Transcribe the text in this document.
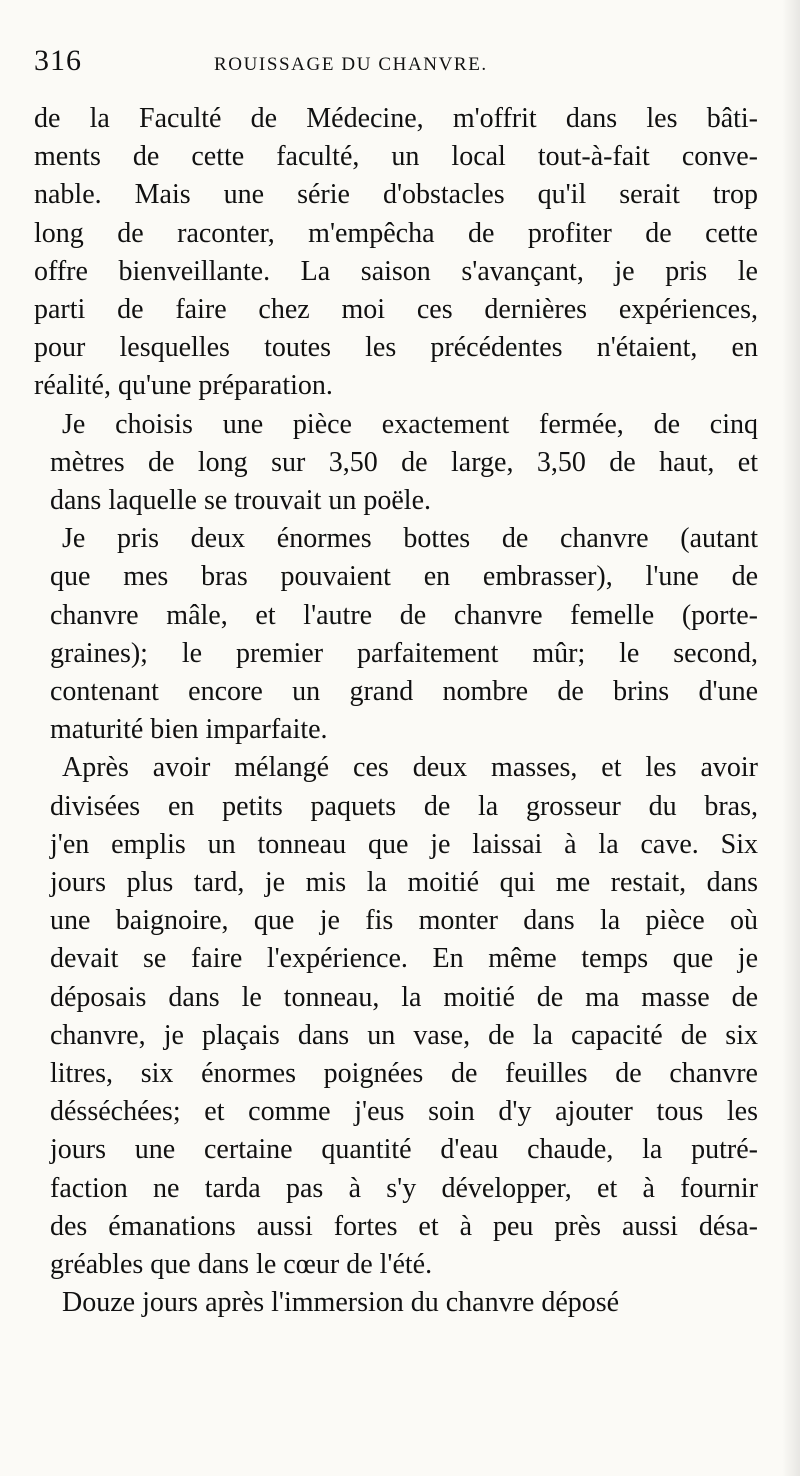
316	ROUISSAGE DU CHANVRE.

de la Faculté de Médecine, m'offrit dans les bâti-
ments de cette faculté, un local tout-à-fait conve-
nable. Mais une série d'obstacles qu'il serait trop
long de raconter, m'empêcha de profiter de cette
offre bienveillante. La saison s'avançant, je pris le
parti de faire chez moi ces dernières expériences,
pour lesquelles toutes les précédentes n'étaient, en
réalité, qu'une préparation.

Je choisis une pièce exactement fermée, de cinq
mètres de long sur 3,50 de large, 3,50 de haut, et
dans laquelle se trouvait un poële.

Je pris deux énormes bottes de chanvre (autant
que mes bras pouvaient en embrasser), l'une de
chanvre mâle, et l'autre de chanvre femelle (porte-
graines); le premier parfaitement mûr; le second,
contenant encore un grand nombre de brins d'une
maturité bien imparfaite.

Après avoir mélangé ces deux masses, et les avoir
divisées en petits paquets de la grosseur du bras,
j'en emplis un tonneau que je laissai à la cave. Six
jours plus tard, je mis la moitié qui me restait, dans
une baignoire, que je fis monter dans la pièce où
devait se faire l'expérience. En même temps que je
déposais dans le tonneau, la moitié de ma masse de
chanvre, je plaçais dans un vase, de la capacité de six
litres, six énormes poignées de feuilles de chanvre
désséchées; et comme j'eus soin d'y ajouter tous les
jours une certaine quantité d'eau chaude, la putré-
faction ne tarda pas à s'y développer, et à fournir
des émanations aussi fortes et à peu près aussi désa-
gréables que dans le cœur de l'été.

Douze jours après l'immersion du chanvre déposé
